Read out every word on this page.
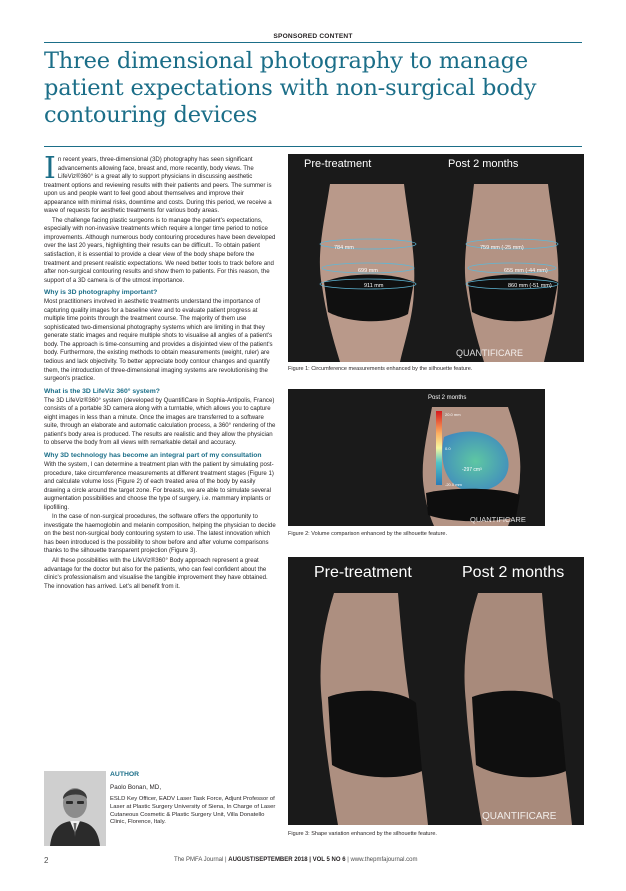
SPONSORED CONTENT
Three dimensional photography to manage patient expectations with non-surgical body contouring devices

In recent years, three-dimensional (3D) photography has seen significant advancements allowing face, breast and, more recently, body views. The LifeViz®360° is a great ally to support physicians in discussing aesthetic treatment options and reviewing results with their patients and peers. The summer is upon us and people want to feel good about themselves and improve their appearance with minimal risks, downtime and costs. During this period, we receive a wave of requests for aesthetic treatments for various body areas.

The challenge facing plastic surgeons is to manage the patient's expectations, especially with non-invasive treatments which require a longer time period to notice improvements. Although numerous body contouring procedures have been developed over the last 20 years, highlighting their results can be difficult.. To obtain patient satisfaction, it is essential to provide a clear view of the body shape before the treatment and present realistic expectations. We need better tools to track before and after non-surgical contouring results and show them to patients. For this reason, the support of a 3D camera is of the utmost importance.

Why is 3D photography important?

Most practitioners involved in aesthetic treatments understand the importance of capturing quality images for a baseline view and to evaluate patient progress at multiple time points through the treatment course. The majority of them use sophisticated two-dimensional photography systems which are limiting in that they generate static images and require multiple shots to visualise all angles of a patient's body. The approach is time-consuming and provides a disjointed view of the patient's body. Furthermore, the existing methods to obtain measurements (weight, ruler) are tedious and lack objectivity. To better appreciate body contour changes and quantify them, the introduction of three-dimensional imaging systems are revolutionising the surgeon's practice.

What is the 3D LifeViz 360° system?

The 3D LifeViz®360° system (developed by QuantifiCare in Sophia-Antipolis, France) consists of a portable 3D camera along with a turntable, which allows you to capture eight images in less than a minute. Once the images are transferred to a software suite, through an elaborate and automatic calculation process, a 360° rendering of the patient's body area is produced. The results are realistic and they allow the physician to observe the body from all views with remarkable detail and accuracy.

Why 3D technology has become an integral part of my consultation

With the system, I can determine a treatment plan with the patient by simulating post-procedure, take circumference measurements at different treatment stages (Figure 1) and calculate volume loss (Figure 2) of each treated area of the body by easily drawing a circle around the target zone. For breasts, we are able to simulate several augmentation possibilities and choose the type of surgery, i.e. mammary implants or lipofilling.

In the case of non-surgical procedures, the software offers the opportunity to investigate the haemoglobin and melanin composition, helping the physician to decide on the best non-surgical body contouring system to use. The latest innovation which has been introduced is the possibility to show before and after volume comparisons thanks to the silhouette transparent projection (Figure 3).

All these possibilities with the LifeViz®360° Body approach represent a great advantage for the doctor but also for the patients, who can feel confident about the clinic's professionalism and visualise the tangible improvement they have obtained. The innovation has arrived. Let's all benefit from it.

AUTHOR
Paolo Bonan, MD,
ESLD Key Officer, EADV Laser Task Force, Adjunt Professor of Laser at Plastic Surgery University of Siena, In Charge of Laser Cutaneous Cosmetic & Plastic Surgery Unit, Villa Donatello Clinic, Florence, Italy.
Pre-treatment	Post 2 months
784 mm
699 mm
911 mm
759 mm (-25 mm)
655 mm (-44 mm)
860 mm (-51 mm)
QUANTIFICARE
Figure 1: Circumference measurements enhanced by the silhouette feature.
Post 2 months
20.0 mm
0.0
-20.0 mm
-297 cm³
QUANTIFICARE
Figure 2: Volume comparison enhanced by the silhouette feature.
Pre-treatment	Post 2 months
QUANTIFICARE
Figure 3: Shape variation enhanced by the silhouette feature.
2	The PMFA Journal | AUGUST/SEPTEMBER 2018 | VOL 5 NO 6 | www.thepmfajournal.com
